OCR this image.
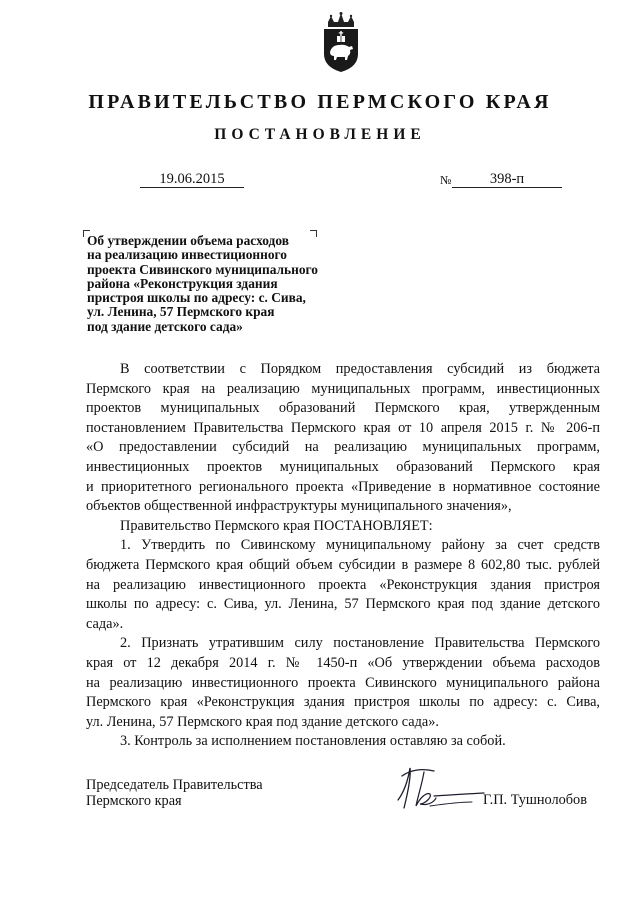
ПРАВИТЕЛЬСТВО ПЕРМСКОГО КРАЯ
ПОСТАНОВЛЕНИЕ
19.06.2015	№	398-п
Об утверждении объема расходов
на реализацию инвестиционного
проекта Сивинского муниципального
района «Реконструкция здания
пристроя школы по адресу: с. Сива,
ул. Ленина, 57 Пермского края
под здание детского сада»
В соответствии с Порядком предоставления субсидий из бюджета
Пермского края на реализацию муниципальных программ, инвестиционных
проектов муниципальных образований Пермского края, утвержденным
постановлением Правительства Пермского края от 10 апреля 2015 г. № 206-п
«О предоставлении субсидий на реализацию муниципальных программ,
инвестиционных проектов муниципальных образований Пермского края
и приоритетного регионального проекта «Приведение в нормативное состояние
объектов общественной инфраструктуры муниципального значения»,
Правительство Пермского края ПОСТАНОВЛЯЕТ:
1. Утвердить по Сивинскому муниципальному району за счет средств
бюджета Пермского края общий объем субсидии в размере 8 602,80 тыс. рублей
на реализацию инвестиционного проекта «Реконструкция здания пристроя
школы по адресу: с. Сива, ул. Ленина, 57 Пермского края под здание детского
сада».
2. Признать утратившим силу постановление Правительства Пермского
края от 12 декабря 2014 г. № 1450-п «Об утверждении объема расходов
на реализацию инвестиционного проекта Сивинского муниципального района
Пермского края «Реконструкция здания пристроя школы по адресу: с. Сива,
ул. Ленина, 57 Пермского края под здание детского сада».
3. Контроль за исполнением постановления оставляю за собой.
Председатель Правительства
Пермского края	Г.П. Тушнолобов
